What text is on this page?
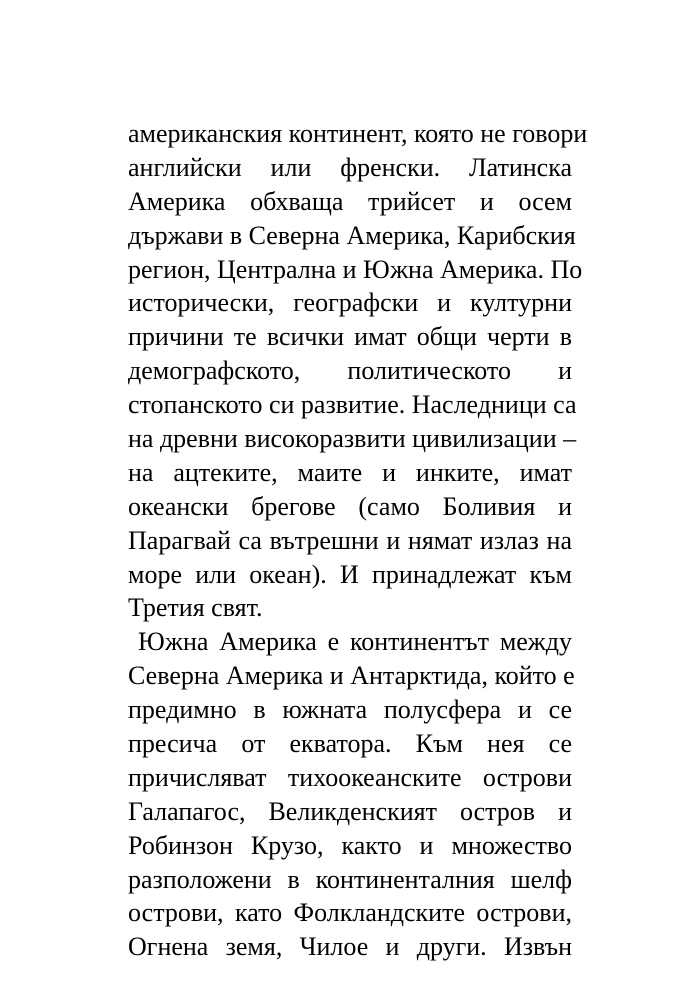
американския континент, която не говори
английски или френски. Латинска
Америка обхваща трийсет и осем
държави в Северна Америка, Карибския
регион, Централна и Южна Америка. По
исторически, географски и културни
причини те всички имат общи черти в
демографското, политическото и
стопанското си развитие. Наследници са
на древни високоразвити цивилизации –
на ацтеките, маите и инките, имат
океански брегове (само Боливия и
Парагвай са вътрешни и нямат излаз на
море или океан). И принадлежат към
Третия свят.
Южна Америка е континентът между
Северна Америка и Антарктида, който е
предимно в южната полусфера и се
пресича от екватора. Към нея се
причисляват тихоокеанските острови
Галапагос, Великденският остров и
Робинзон Крузо, както и множество
разположени в континенталния шелф
острови, като Фолкландските острови,
Огнена земя, Чилое и други. Извън
